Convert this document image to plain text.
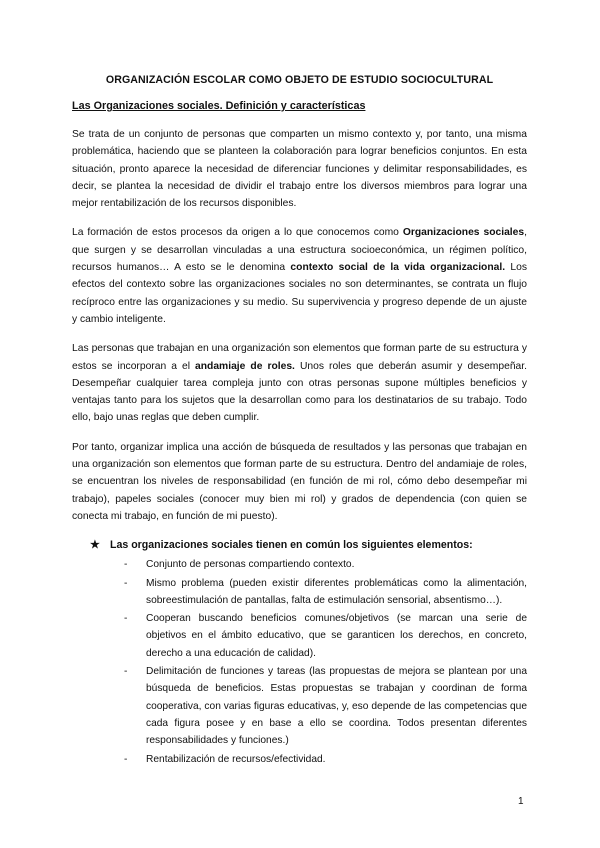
ORGANIZACIÓN ESCOLAR COMO OBJETO DE ESTUDIO SOCIOCULTURAL
Las Organizaciones sociales. Definición y características

Se trata de un conjunto de personas que comparten un mismo contexto y, por tanto, una misma problemática, haciendo que se planteen la colaboración para lograr beneficios conjuntos. En esta situación, pronto aparece la necesidad de diferenciar funciones y delimitar responsabilidades, es decir, se plantea la necesidad de dividir el trabajo entre los diversos miembros para lograr una mejor rentabilización de los recursos disponibles.

La formación de estos procesos da origen a lo que conocemos como Organizaciones sociales, que surgen y se desarrollan vinculadas a una estructura socioeconómica, un régimen político, recursos humanos… A esto se le denomina contexto social de la vida organizacional. Los efectos del contexto sobre las organizaciones sociales no son determinantes, se contrata un flujo recíproco entre las organizaciones y su medio. Su supervivencia y progreso depende de un ajuste y cambio inteligente.

Las personas que trabajan en una organización son elementos que forman parte de su estructura y estos se incorporan a el andamiaje de roles. Unos roles que deberán asumir y desempeñar. Desempeñar cualquier tarea compleja junto con otras personas supone múltiples beneficios y ventajas tanto para los sujetos que la desarrollan como para los destinatarios de su trabajo. Todo ello, bajo unas reglas que deben cumplir.

Por tanto, organizar implica una acción de búsqueda de resultados y las personas que trabajan en una organización son elementos que forman parte de su estructura. Dentro del andamiaje de roles, se encuentran los niveles de responsabilidad (en función de mi rol, cómo debo desempeñar mi trabajo), papeles sociales (conocer muy bien mi rol) y grados de dependencia (con quien se conecta mi trabajo, en función de mi puesto).

★ Las organizaciones sociales tienen en común los siguientes elementos:
- Conjunto de personas compartiendo contexto.
- Mismo problema (pueden existir diferentes problemáticas como la alimentación, sobreestimulación de pantallas, falta de estimulación sensorial, absentismo…).
- Cooperan buscando beneficios comunes/objetivos (se marcan una serie de objetivos en el ámbito educativo, que se garanticen los derechos, en concreto, derecho a una educación de calidad).
- Delimitación de funciones y tareas (las propuestas de mejora se plantean por una búsqueda de beneficios. Estas propuestas se trabajan y coordinan de forma cooperativa, con varias figuras educativas, y, eso depende de las competencias que cada figura posee y en base a ello se coordina. Todos presentan diferentes responsabilidades y funciones.)
- Rentabilización de recursos/efectividad.
1
